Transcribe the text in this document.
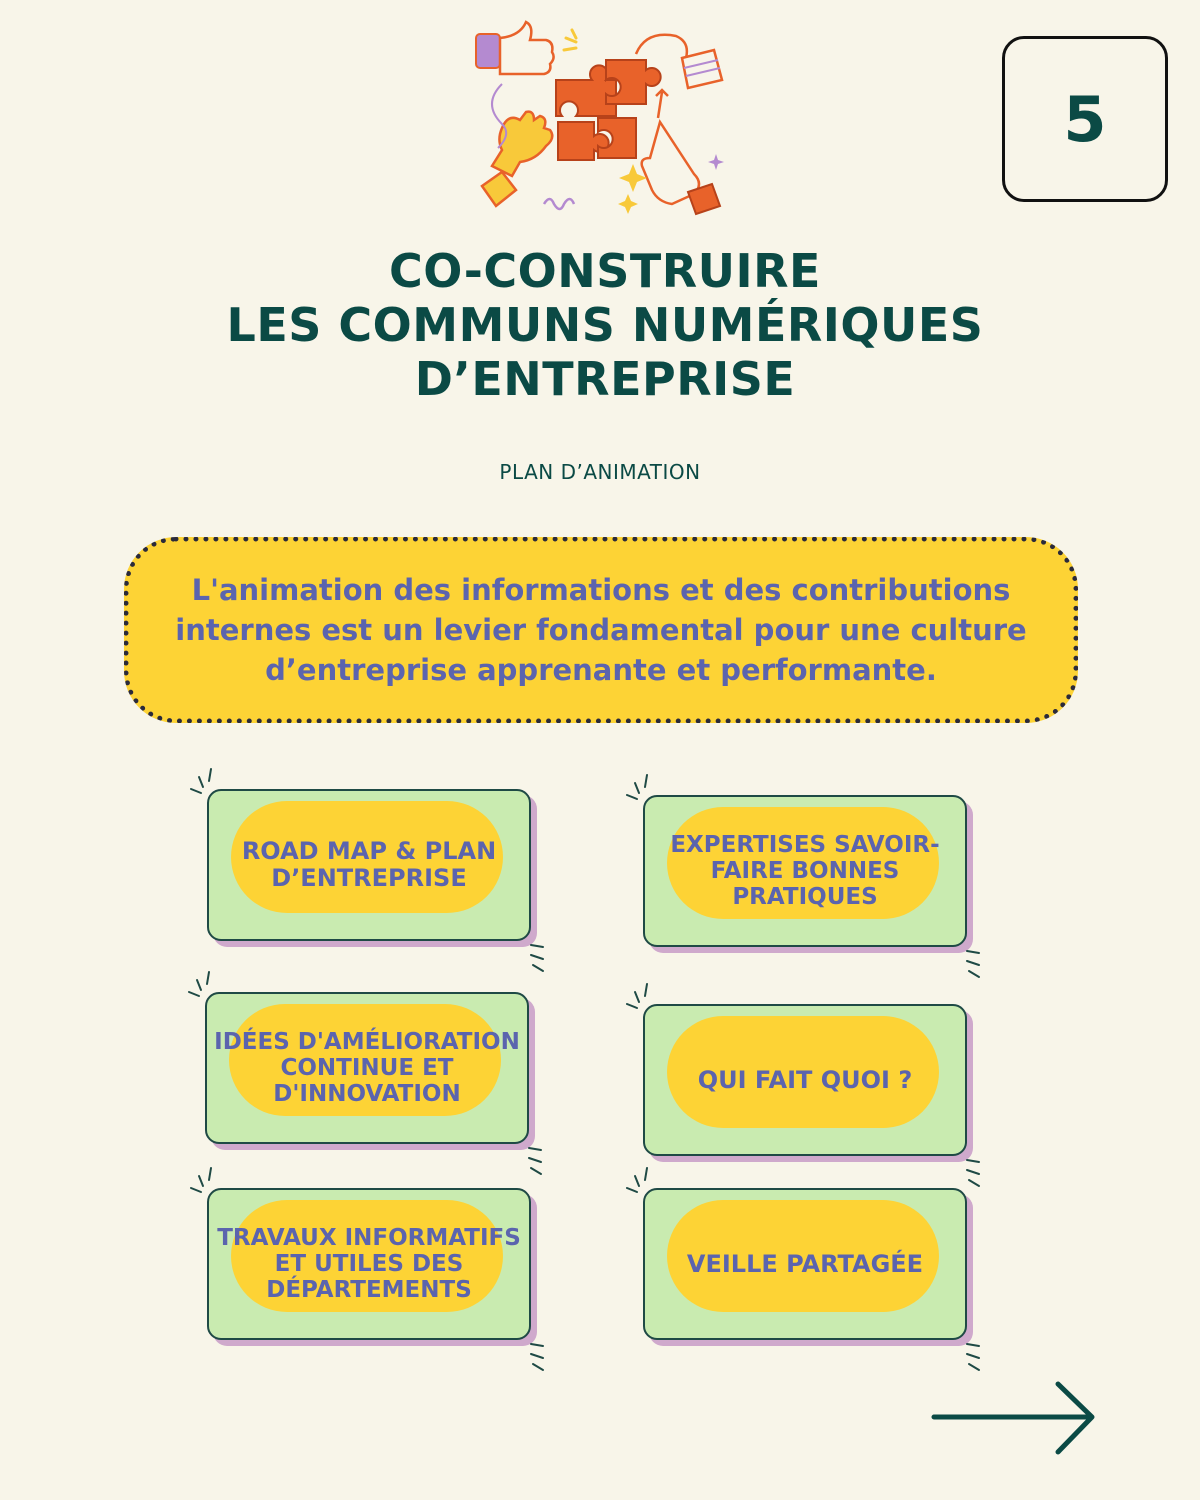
5
CO-CONSTRUIRE
LES COMMUNS NUMÉRIQUES
D’ENTREPRISE
PLAN D’ANIMATION
L'animation des informations et des contributions internes est un levier fondamental pour une culture d’entreprise apprenante et performante.
ROAD MAP & PLAN D’ENTREPRISE
EXPERTISES SAVOIR-FAIRE BONNES PRATIQUES
IDÉES D'AMÉLIORATION CONTINUE ET D'INNOVATION
QUI FAIT QUOI ?
TRAVAUX INFORMATIFS ET UTILES DES DÉPARTEMENTS
VEILLE PARTAGÉE
